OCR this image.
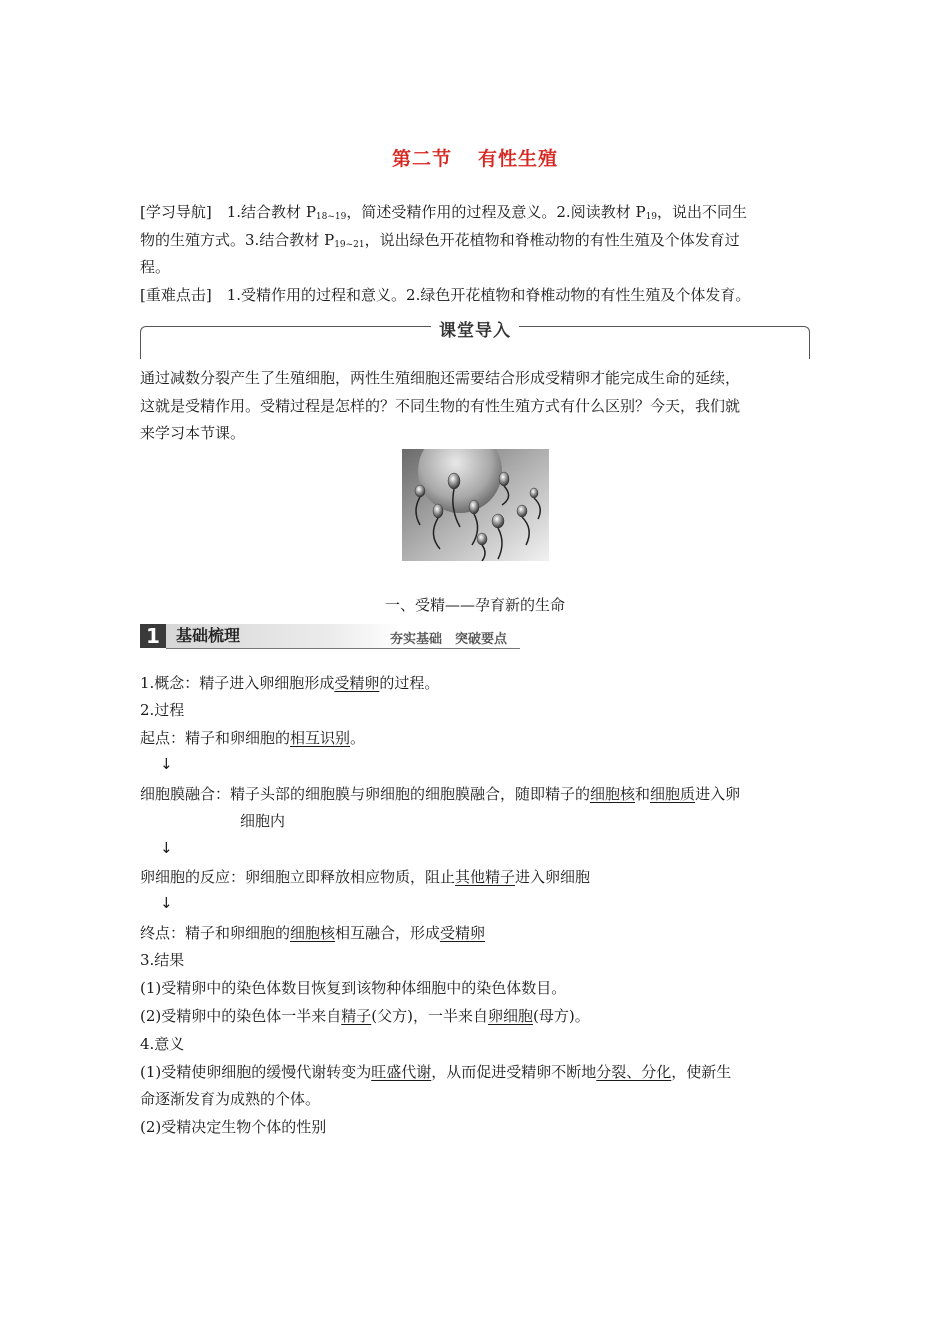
第二节 有性生殖
[学习导航]　 1.结合教材 $P_{18\sim 19}$，简述受精作用的过程及意义。2.阅读教材 $P_{19}$，说出不同生
物的生殖方式。3.结合教材 $P_{19\sim 21}$，说出绿色开花植物和脊椎动物的有性生殖及个体发育过
程。
[重难点击]　 1.受精作用的过程和意义。2.绿色开花植物和脊椎动物的有性生殖及个体发育。
课堂导入
通过减数分裂产生了生殖细胞，两性生殖细胞还需要结合形成受精卵才能完成生命的延续，
这就是受精作用。受精过程是怎样的？不同生物的有性生殖方式有什么区别？今天，我们就
来学习本节课。
一、受精——孕育新的生命
1	基础梳理	夯实基础　突破要点
1.概念：精子进入卵细胞形成受精卵的过程。
2.过程
起点：精子和卵细胞的相互识别。
↓
细胞膜融合：精子头部的细胞膜与卵细胞的细胞膜融合，随即精子的细胞核和细胞质进入卵
细胞内
↓
卵细胞的反应：卵细胞立即释放相应物质，阻止其他精子进入卵细胞
↓
终点：精子和卵细胞的细胞核相互融合，形成受精卵
3.结果
(1)受精卵中的染色体数目恢复到该物种体细胞中的染色体数目。
(2)受精卵中的染色体一半来自精子(父方)，一半来自卵细胞(母方)。
4.意义
(1)受精使卵细胞的缓慢代谢转变为旺盛代谢，从而促进受精卵不断地分裂、分化，使新生
命逐渐发育为成熟的个体。
(2)受精决定生物个体的性别
